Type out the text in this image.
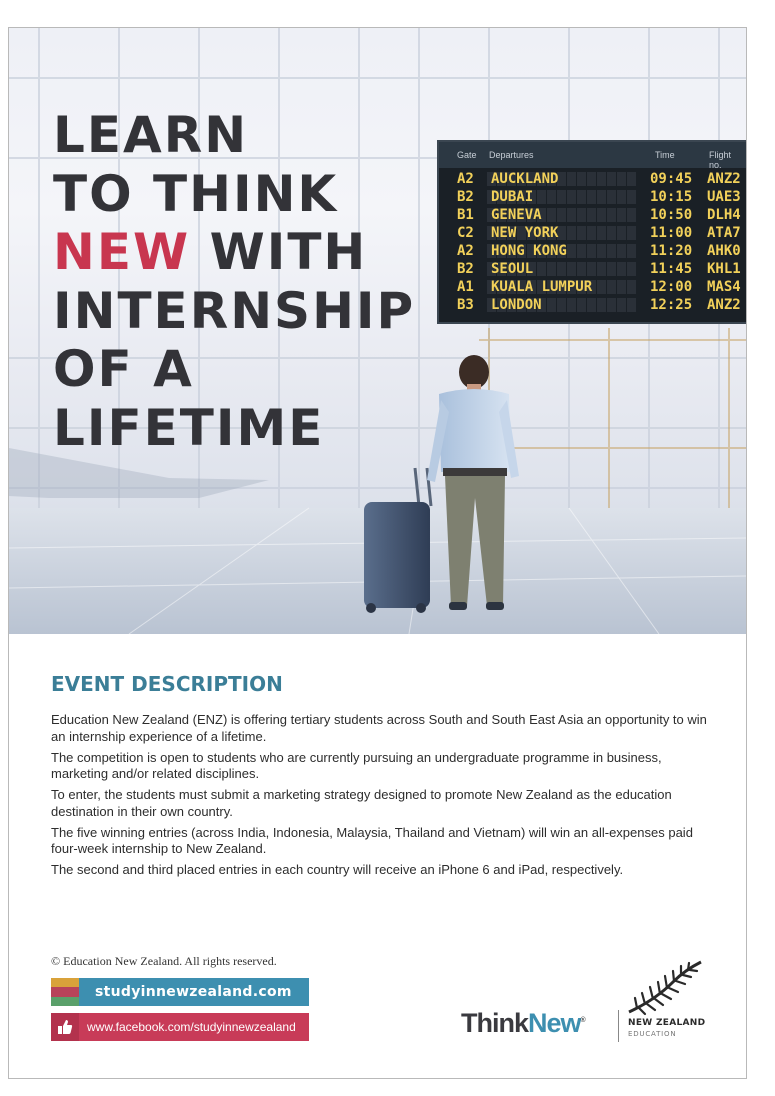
LEARN
TO THINK
NEW WITH
INTERNSHIP
OF A
LIFETIME
Gate Departures	Time	Flight no.
A2 AUCKLAND	09:45 ANZ2
B2 DUBAI	10:15 UAE3
B1 GENEVA	10:50 DLH4
C2 NEW YORK	11:00 ATA7
A2 HONG KONG	11:20 AHK0
B2 SEOUL	11:45 KHL1
A1 KUALA LUMPUR	12:00 MAS4
B3 LONDON	12:25 ANZ2
EVENT DESCRIPTION

Education New Zealand (ENZ) is offering tertiary students across South and South East Asia an opportunity to win an internship experience of a lifetime.

The competition is open to students who are currently pursuing an undergraduate programme in business, marketing and/or related disciplines.

To enter, the students must submit a marketing strategy designed to promote New Zealand as the education destination in their own country.

The five winning entries (across India, Indonesia, Malaysia, Thailand and Vietnam) will win an all-expenses paid four-week internship to New Zealand.

The second and third placed entries in each country will receive an iPhone 6 and iPad, respectively.

© Education New Zealand. All rights reserved.

studyinnewzealand.com
www.facebook.com/studyinnewzealand	ThinkNew®	NEW ZEALAND

EDUCATION
